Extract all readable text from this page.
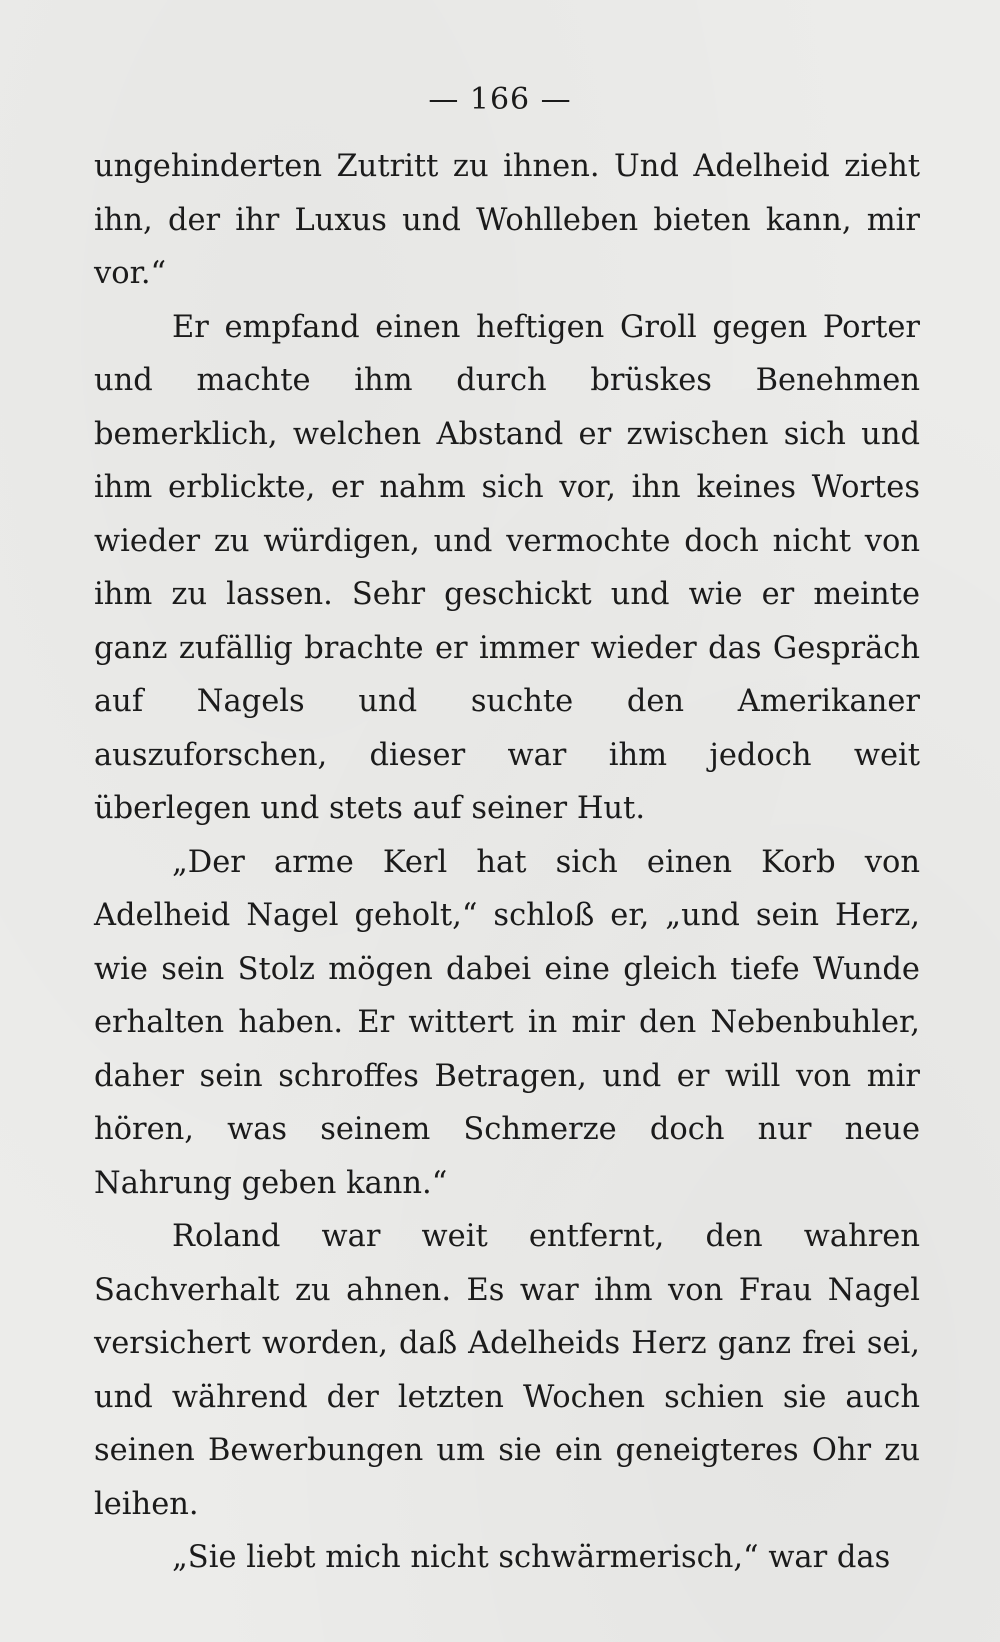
— 166 —

ungehinderten Zutritt zu ihnen. Und Adelheid zieht ihn, der ihr Luxus und Wohlleben bieten kann, mir vor.“

Er empfand einen heftigen Groll gegen Porter und machte ihm durch brüskes Benehmen bemerklich, welchen Abstand er zwischen sich und ihm erblickte, er nahm sich vor, ihn keines Wortes wieder zu würdigen, und vermochte doch nicht von ihm zu lassen. Sehr geschickt und wie er meinte ganz zufällig brachte er immer wieder das Gespräch auf Nagels und suchte den Amerikaner auszuforschen, dieser war ihm jedoch weit überlegen und stets auf seiner Hut.

„Der arme Kerl hat sich einen Korb von Adelheid Nagel geholt,“ schloß er, „und sein Herz, wie sein Stolz mögen dabei eine gleich tiefe Wunde erhalten haben. Er wittert in mir den Nebenbuhler, daher sein schroffes Betragen, und er will von mir hören, was seinem Schmerze doch nur neue Nahrung geben kann.“

Roland war weit entfernt, den wahren Sachverhalt zu ahnen. Es war ihm von Frau Nagel versichert worden, daß Adelheids Herz ganz frei sei, und während der letzten Wochen schien sie auch seinen Bewerbungen um sie ein geneigteres Ohr zu leihen.

„Sie liebt mich nicht schwärmerisch,“ war das
